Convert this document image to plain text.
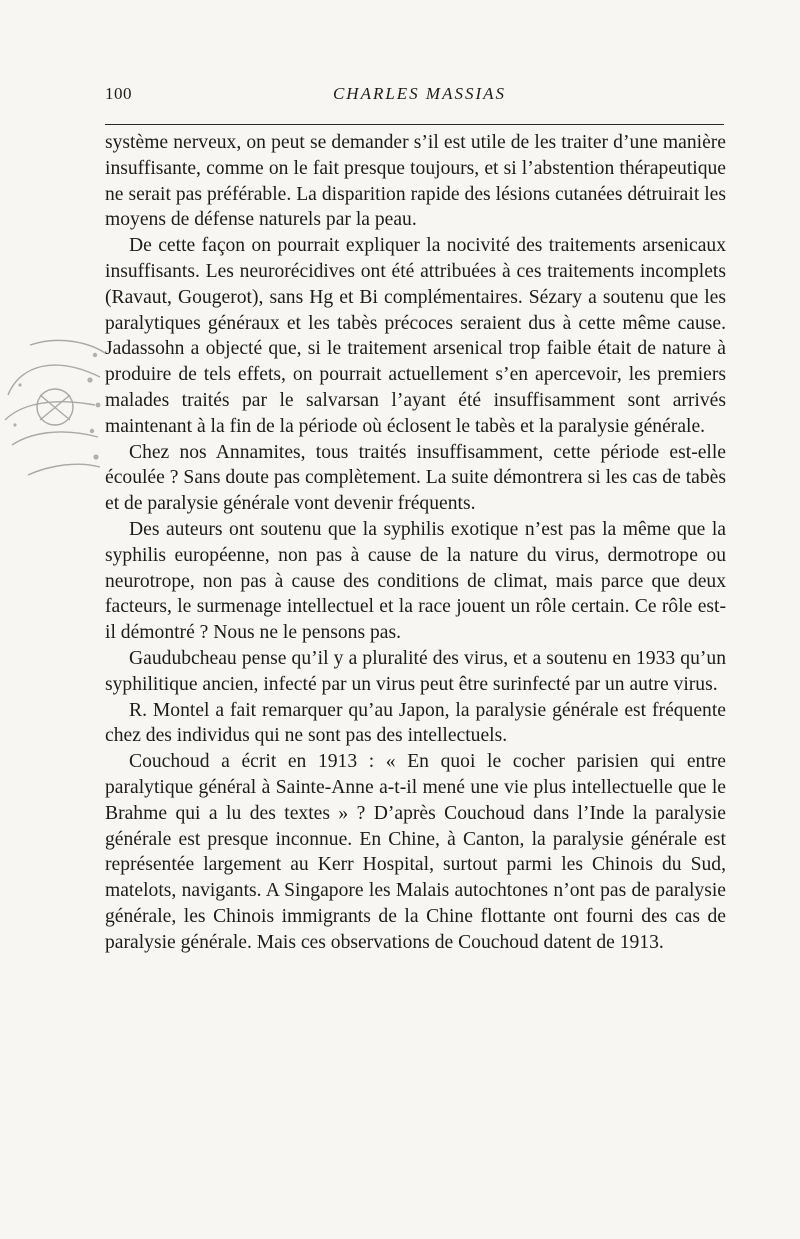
100	CHARLES MASSIAS

système nerveux, on peut se demander s’il est utile de les traiter d’une manière insuffisante, comme on le fait presque toujours, et si l’abstention thérapeutique ne serait pas préférable. La disparition rapide des lésions cutanées détruirait les moyens de défense naturels par la peau.

De cette façon on pourrait expliquer la nocivité des traitements arsenicaux insuffisants. Les neurorécidives ont été attribuées à ces traitements incomplets (Ravaut, Gougerot), sans Hg et Bi complémentaires. Sézary a soutenu que les paralytiques généraux et les tabès précoces seraient dus à cette même cause. Jadassohn a objecté que, si le traitement arsenical trop faible était de nature à produire de tels effets, on pourrait actuellement s’en apercevoir, les premiers malades traités par le salvarsan l’ayant été insuffisamment sont arrivés maintenant à la fin de la période où éclosent le tabès et la paralysie générale.

Chez nos Annamites, tous traités insuffisamment, cette période est-elle écoulée ? Sans doute pas complètement. La suite démontrera si les cas de tabès et de paralysie générale vont devenir fréquents.

Des auteurs ont soutenu que la syphilis exotique n’est pas la même que la syphilis européenne, non pas à cause de la nature du virus, dermotrope ou neurotrope, non pas à cause des conditions de climat, mais parce que deux facteurs, le surmenage intellectuel et la race jouent un rôle certain. Ce rôle est-il démontré ? Nous ne le pensons pas.

Gaudubcheau pense qu’il y a pluralité des virus, et a soutenu en 1933 qu’un syphilitique ancien, infecté par un virus peut être surinfecté par un autre virus.

R. Montel a fait remarquer qu’au Japon, la paralysie générale est fréquente chez des individus qui ne sont pas des intellectuels.

Couchoud a écrit en 1913 : « En quoi le cocher parisien qui entre paralytique général à Sainte-Anne a-t-il mené une vie plus intellectuelle que le Brahme qui a lu des textes » ? D’après Couchoud dans l’Inde la paralysie générale est presque inconnue. En Chine, à Canton, la paralysie générale est représentée largement au Kerr Hospital, surtout parmi les Chinois du Sud, matelots, navigants. A Singapore les Malais autochtones n’ont pas de paralysie générale, les Chinois immigrants de la Chine flottante ont fourni des cas de paralysie générale. Mais ces observations de Couchoud datent de 1913.
